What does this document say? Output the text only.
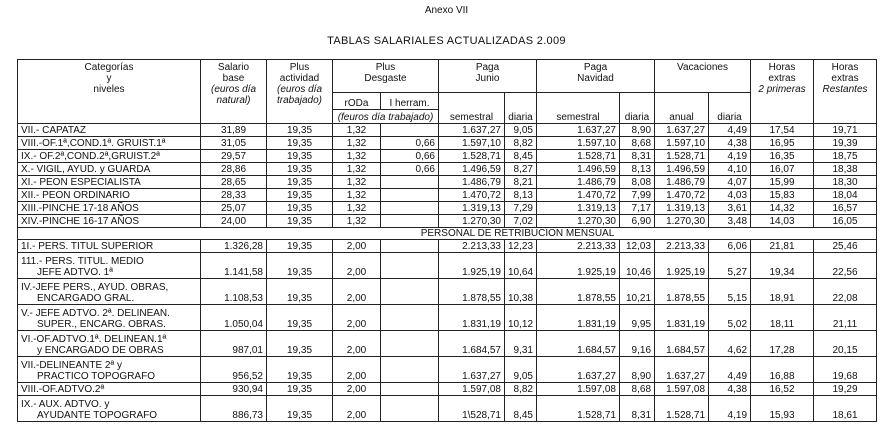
Anexo VII
TABLAS SALARIALES ACTUALIZADAS 2.009
Categorías
y
niveles	Salario
base
(euros día
natural)	Plus
actividad
(euros día
trabajado)	Plus
Desgaste		Paga
Junio		Paga
Navidad		Vacaciones		Horas
extras
2 primeras	Horas
extras
Restantes
			rODa	I herram.	semestral	diaria	semestral	diaria	anual	diaria		
			(feuros día trabajado)									
VII.- CAPATAZ	31,89	19,35	1,32		1.637,27	9,05	1.637,27	8,90	1.637,27	4,49	17,54	19,71
VIII.-OF.1ª,COND.1ª. GRUIST.1ª	31,05	19,35	1,32	0,66	1.597,10	8,82	1.597,10	8,68	1.597,10	4,38	16,95	19,39
IX.- OF.2ª,COND.2ª,GRUIST.2ª	29,57	19,35	1,32	0,66	1.528,71	8,45	1.528,71	8,31	1.528,71	4,19	16,35	18,75
X.- VIGIL, AYUD. y GUARDA	28,86	19,35	1,32	0,66	1.496,59	8,27	1.496,59	8,13	1.496,59	4,10	16,07	18,38
XI.- PEON ESPECIALISTA	28,65	19,35	1,32		1.486,79	8,21	1.486,79	8,08	1.486,79	4,07	15,99	18,30
XII.- PEON ORDINARIO	28,33	19,35	1,32		1.470,72	8,13	1.470,72	7,99	1.470,72	4,03	15,83	18,04
XIII.-PINCHE 17-18 AÑOS	25,07	19,35	1,32		1.319,13	7,29	1.319,13	7,17	1.319,13	3,61	14,32	16,57
XIV.-PINCHE 16-17 AÑOS	24,00	19,35	1,32		1.270,30	7,02	1.270,30	6,90	1.270,30	3,48	14,03	16,05
				PERSONAL DE RETRIBUCION MENSUAL								

1I.- PERS. TITUL SUPERIOR	1.326,28	19,35	2,00		2.213,33	12,23	2.213,33	12,03	2.213,33	6,06	21,81	25,46

111.- PERS. TITUL. MEDIO
JEFE ADTVO. 1ª	1.141,58	19,35	2,00		1.925,19	10,64	1.925,19	10,46	1.925,19	5,27	19,34	22,56

IV.-JEFE PERS., AYUD. OBRAS,
ENCARGADO GRAL.	1.108,53	19,35	2,00		1.878,55	10,38	1.878,55	10,21	1.878,55	5,15	18,91	22,08

V.- JEFE ADTVO. 2ª. DELINEAN.
SUPER., ENCARG. OBRAS.	1.050,04	19,35	2,00		1.831,19	10,12	1.831,19	9,95	1.831,19	5,02	18,11	21,11

VI.-OF.ADTVO.1ª. DELINEAN.1ª
y ENCARGADO DE OBRAS	987,01	19,35	2,00		1.684,57	9,31	1.684,57	9,16	1.684,57	4,62	17,28	20,15

VII.-DELINEANTE 2ª y
PRACTICO TOPOGRAFO	956,52	19,35	2,00		1.637,27	9,05	1.637,27	8,90	1.637,27	4,49	16,88	19,68

VIII.-OF.ADTVO.2ª	930,94	19,35	2,00		1.597,08	8,82	1.597,08	8,68	1.597,08	4,38	16,52	19,29

IX.- AUX. ADTVO. y
AYUDANTE TOPOGRAFO	886,73	19,35	2,00		1\528,71	8,45	1.528,71	8,31	1.528,71	4,19	15,93	18,61
